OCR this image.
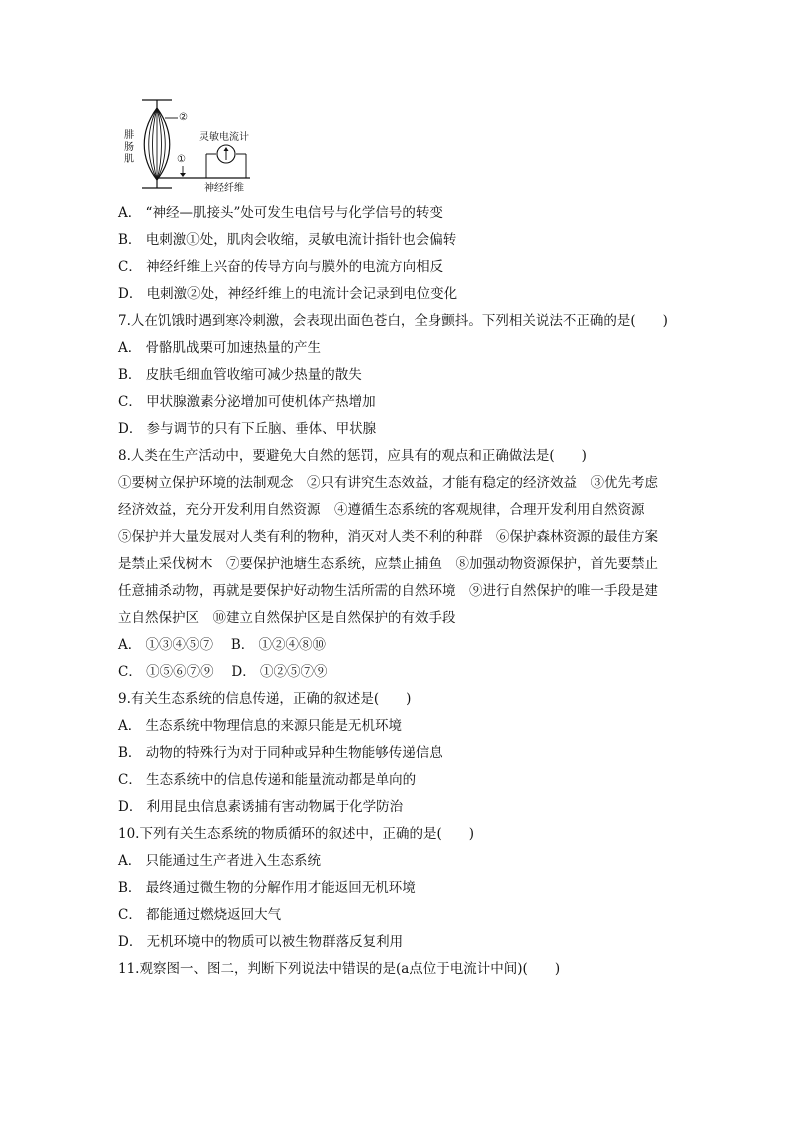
腓
肠
肌
②
①
灵敏电流计
神经纤维
A． “神经—肌接头”处可发生电信号与化学信号的转变
B． 电刺激①处，肌肉会收缩，灵敏电流计指针也会偏转
C． 神经纤维上兴奋的传导方向与膜外的电流方向相反
D． 电刺激②处，神经纤维上的电流计会记录到电位变化
7.人在饥饿时遇到寒冷刺激，会表现出面色苍白，全身颤抖。下列相关说法不正确的是(　　)
A． 骨骼肌战栗可加速热量的产生
B． 皮肤毛细血管收缩可减少热量的散失
C． 甲状腺激素分泌增加可使机体产热增加
D． 参与调节的只有下丘脑、垂体、甲状腺
8.人类在生产活动中，要避免大自然的惩罚，应具有的观点和正确做法是(　　)
①要树立保护环境的法制观念　②只有讲究生态效益，才能有稳定的经济效益　③优先考虑
经济效益，充分开发利用自然资源　④遵循生态系统的客观规律，合理开发利用自然资源
⑤保护并大量发展对人类有利的物种，消灭对人类不利的种群　⑥保护森林资源的最佳方案
是禁止采伐树木　⑦要保护池塘生态系统，应禁止捕鱼　⑧加强动物资源保护，首先要禁止
任意捕杀动物，再就是要保护好动物生活所需的自然环境　⑨进行自然保护的唯一手段是建
立自然保护区　⑩建立自然保护区是自然保护的有效手段
A． ①③④⑤⑦　 B． ①②④⑧⑩
C． ①⑤⑥⑦⑨　 D． ①②⑤⑦⑨
9.有关生态系统的信息传递，正确的叙述是(　　)
A． 生态系统中物理信息的来源只能是无机环境
B． 动物的特殊行为对于同种或异种生物能够传递信息
C． 生态系统中的信息传递和能量流动都是单向的
D． 利用昆虫信息素诱捕有害动物属于化学防治
10.下列有关生态系统的物质循环的叙述中，正确的是(　　)
A． 只能通过生产者进入生态系统
B． 最终通过微生物的分解作用才能返回无机环境
C． 都能通过燃烧返回大气
D． 无机环境中的物质可以被生物群落反复利用
11.观察图一、图二，判断下列说法中错误的是(a点位于电流计中间)(　　)
